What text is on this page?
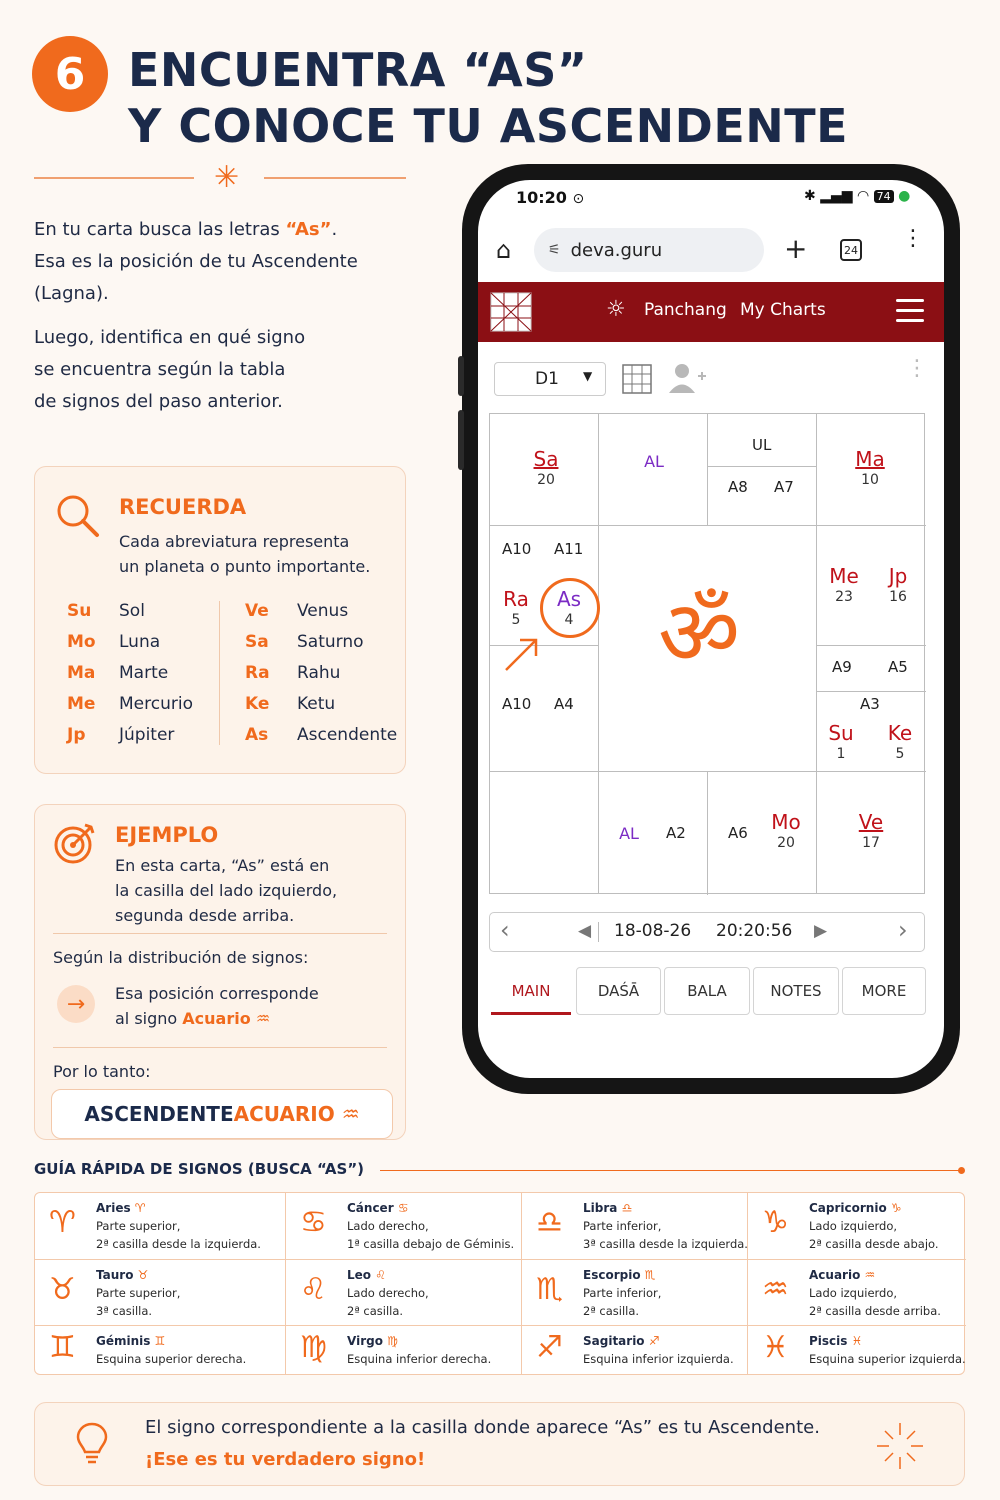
6 ENCUENTRA “AS”
Y CONOCE TU ASCENDENTE
✳
En tu carta busca las letras “As”.
Esa es la posición de tu Ascendente
(Lagna).
Luego, identifica en qué signo
se encuentra según la tabla
de signos del paso anterior.
RECUERDA
Cada abreviatura representa
un planeta o punto importante.
Su	Sol
Mo	Luna
Ma	Marte
Me	Mercurio
Jp	Júpiter
Ve	Venus
Sa	Saturno
Ra	Rahu
Ke	Ketu
As	Ascendente
EJEMPLO
En esta carta, “As” está en
la casilla del lado izquierdo,
segunda desde arriba.
Según la distribución de signos:
→	Esa posición corresponde
al signo Acuario ♒
Por lo tanto:
ASCENDENTE ACUARIO
♒
10:20 ⊙	✱ ▂▄▆ ◠ 74 ●
⌂	⚟ deva.guru	+	24 ⋮
☼ Panchang My Charts
D1 ▼	⋮
Sa
20
AL
UL
A8 A7
Ma
10
A10 A11
Ra
5
As
4
A10 A4
ॐ
Me
23
Jp
16
A9 A5
A3
Su
1
Ke
5
AL	A2	A6	Mo
20
Ve
17
‹	◀ 18-08-26 20:20:56 ▶	›
MAIN	DAŚĀ	BALA	NOTES	MORE
GUÍA RÁPIDA DE SIGNOS (BUSCA “AS”)
♈ Aries ♈
Parte superior,
2ª casilla desde la izquierda.
♋ Cáncer ♋
Lado derecho,
1ª casilla debajo de Géminis.
♎ Libra ♎
Parte inferior,
3ª casilla desde la izquierda.
♑ Capricornio ♑
Lado izquierdo,
2ª casilla desde abajo.
♉ Tauro ♉
Parte superior,
3ª casilla.
♌ Leo ♌
Lado derecho,
2ª casilla.
♏ Escorpio ♏
Parte inferior,
2ª casilla.
♒ Acuario ♒
Lado izquierdo,
2ª casilla desde arriba.
♊ Géminis ♊
Esquina superior derecha. ♍ Virgo ♍
Esquina inferior derecha. ♐ Sagitario ♐
Esquina inferior izquierda. ♓ Piscis ♓
Esquina superior izquierda.
El signo correspondiente a la casilla donde aparece “As” es tu Ascendente.
¡Ese es tu verdadero signo!
